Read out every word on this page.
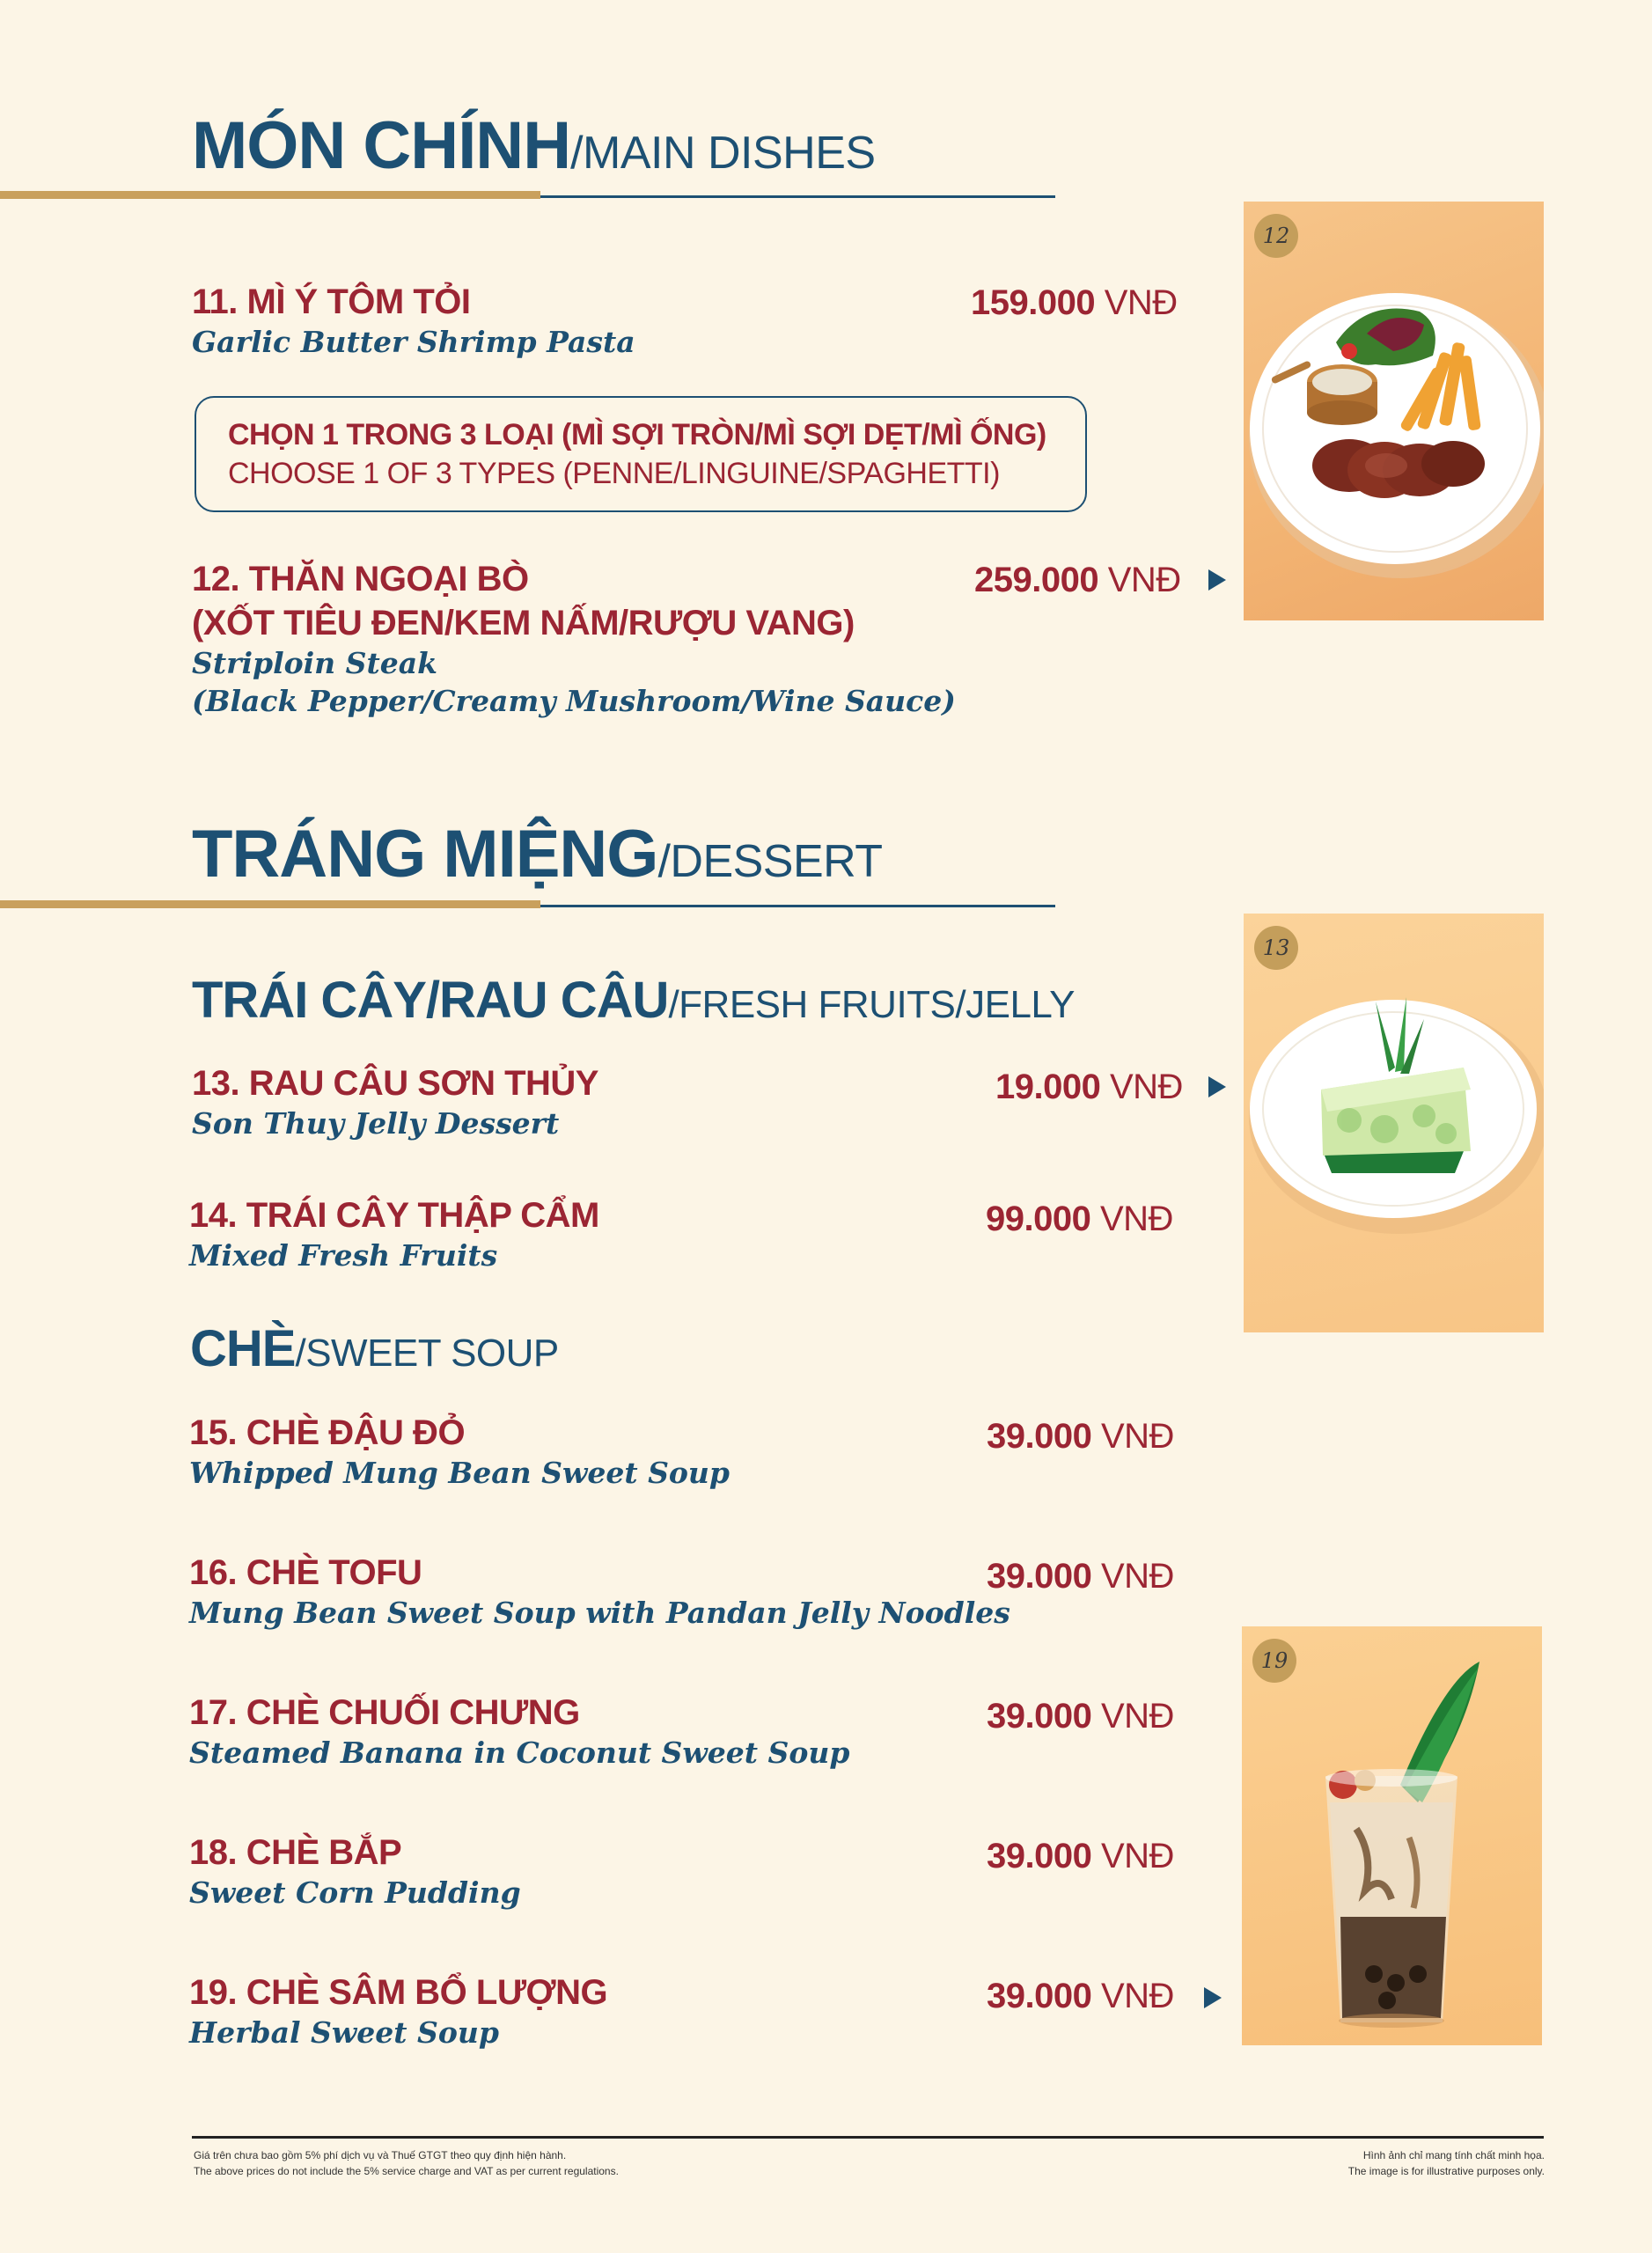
MÓN CHÍNH/MAIN DISHES
11. MÌ Ý TÔM TỎI
Garlic Butter Shrimp Pasta
159.000 VNĐ
CHỌN 1 TRONG 3 LOẠI (MÌ SỢI TRÒN/MÌ SỢI DẸT/MÌ ỐNG)
CHOOSE 1 OF 3 TYPES (PENNE/LINGUINE/SPAGHETTI)
12. THĂN NGOẠI BÒ
(XỐT TIÊU ĐEN/KEM NẤM/RƯỢU VANG)
Striploin Steak
(Black Pepper/Creamy Mushroom/Wine Sauce)
259.000 VNĐ
TRÁNG MIỆNG/DESSERT
TRÁI CÂY/RAU CÂU/FRESH FRUITS/JELLY
13. RAU CÂU SƠN THỦY
Son Thuy Jelly Dessert
19.000 VNĐ
14. TRÁI CÂY THẬP CẨM
Mixed Fresh Fruits
99.000 VNĐ
CHÈ/SWEET SOUP
15. CHÈ ĐẬU ĐỎ
Whipped Mung Bean Sweet Soup
39.000 VNĐ
16. CHÈ TOFU
Mung Bean Sweet Soup with Pandan Jelly Noodles
39.000 VNĐ
17. CHÈ CHUỐI CHƯNG
Steamed Banana in Coconut Sweet Soup
39.000 VNĐ
18. CHÈ BẮP
Sweet Corn Pudding
39.000 VNĐ
19. CHÈ SÂM BỔ LƯỢNG
Herbal Sweet Soup
39.000 VNĐ
12
13
19
Giá trên chưa bao gồm 5% phí dịch vụ và Thuế GTGT theo quy định hiện hành.
The above prices do not include the 5% service charge and VAT as per current regulations.
Hình ảnh chỉ mang tính chất minh họa.
The image is for illustrative purposes only.
